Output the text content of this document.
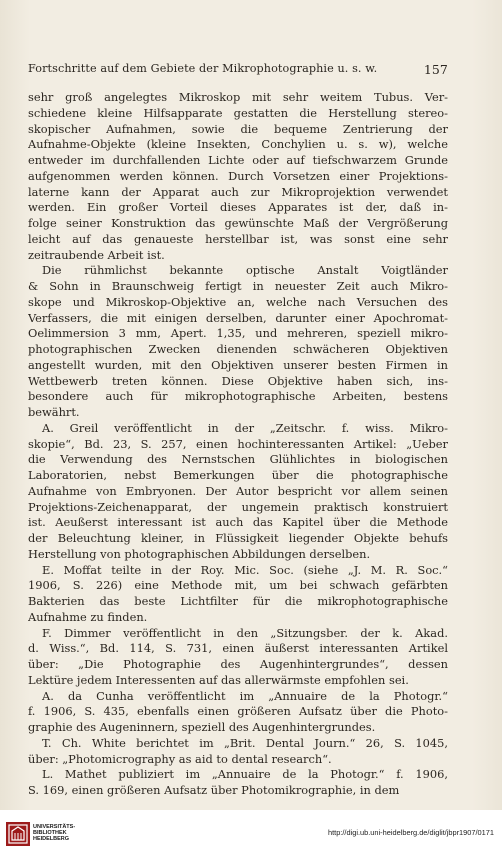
Fortschritte auf dem Gebiete der Mikrophotographie u. s. w.	157
sehr groß angelegtes Mikroskop mit sehr weitem Tubus. Ver-
schiedene kleine Hilfsapparate gestatten die Herstellung stereo-
skopischer Aufnahmen, sowie die bequeme Zentrierung der
Aufnahme-Objekte (kleine Insekten, Conchylien u. s. w), welche
entweder im durchfallenden Lichte oder auf tiefschwarzem Grunde
aufgenommen werden können. Durch Vorsetzen einer Projektions-
laterne kann der Apparat auch zur Mikroprojektion verwendet
werden. Ein großer Vorteil dieses Apparates ist der, daß in-
folge seiner Konstruktion das gewünschte Maß der Vergrößerung
leicht auf das genaueste herstellbar ist, was sonst eine sehr
zeitraubende Arbeit ist.
Die rühmlichst bekannte optische Anstalt Voigtländer
& Sohn in Braunschweig fertigt in neuester Zeit auch Mikro-
skope und Mikroskop-Objektive an, welche nach Versuchen des
Verfassers, die mit einigen derselben, darunter einer Apochromat-
Oelimmersion 3 mm, Apert. 1,35, und mehreren, speziell mikro-
photographischen Zwecken dienenden schwächeren Objektiven
angestellt wurden, mit den Objektiven unserer besten Firmen in
Wettbewerb treten können. Diese Objektive haben sich, ins-
besondere auch für mikrophotographische Arbeiten, bestens
bewährt.
A. Greil veröffentlicht in der „Zeitschr. f. wiss. Mikro-
skopie“, Bd. 23, S. 257, einen hochinteressanten Artikel: „Ueber
die Verwendung des Nernstschen Glühlichtes in biologischen
Laboratorien, nebst Bemerkungen über die photographische
Aufnahme von Embryonen. Der Autor bespricht vor allem seinen
Projektions-Zeichenapparat, der ungemein praktisch konstruiert
ist. Aeußerst interessant ist auch das Kapitel über die Methode
der Beleuchtung kleiner, in Flüssigkeit liegender Objekte behufs
Herstellung von photographischen Abbildungen derselben.
E. Moffat teilte in der Roy. Mic. Soc. (siehe „J. M. R. Soc.“
1906, S. 226) eine Methode mit, um bei schwach gefärbten
Bakterien das beste Lichtfilter für die mikrophotographische
Aufnahme zu finden.
F. Dimmer veröffentlicht in den „Sitzungsber. der k. Akad.
d. Wiss.“, Bd. 114, S. 731, einen äußerst interessanten Artikel
über: „Die Photographie des Augenhintergrundes“, dessen
Lektüre jedem Interessenten auf das allerwärmste empfohlen sei.
A. da Cunha veröffentlicht im „Annuaire de la Photogr.“
f. 1906, S. 435, ebenfalls einen größeren Aufsatz über die Photo-
graphie des Augeninnern, speziell des Augenhintergrundes.
T. Ch. White berichtet im „Brit. Dental Journ.“ 26, S. 1045,
über: „Photomicrography as aid to dental research“.
L. Mathet publiziert im „Annuaire de la Photogr.“ f. 1906,
S. 169, einen größeren Aufsatz über Photomikrographie, in dem
UNIVERSITÄTS-
BIBLIOTHEK
HEIDELBERG
http://digi.ub.uni-heidelberg.de/diglit/jbpr1907/0171
